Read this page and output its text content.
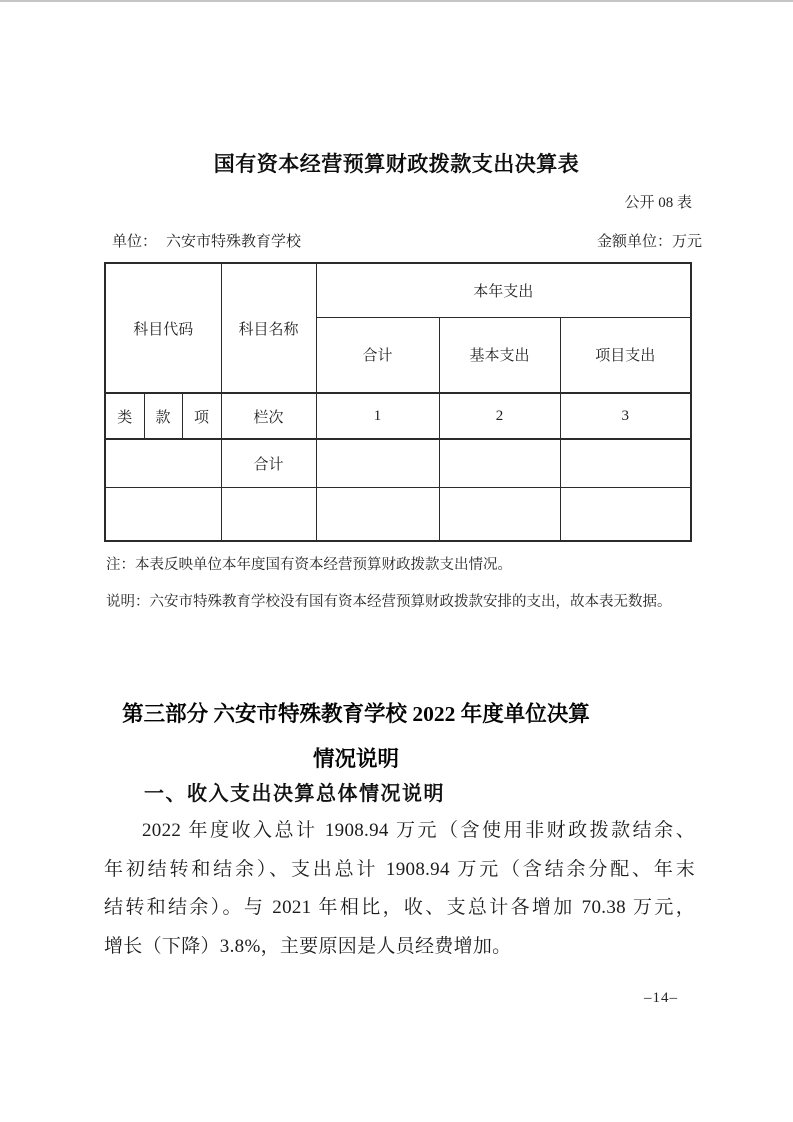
国有资本经营预算财政拨款支出决算表
公开 08 表
单位： 六安市特殊教育学校	金额单位：万元
科目代码			科目名称	本年支出		
				合计	基本支出	项目支出
类	款	项	栏次	1	2	3
			合计			

注：本表反映单位本年度国有资本经营预算财政拨款支出情况。
说明：六安市特殊教育学校没有国有资本经营预算财政拨款安排的支出，故本表无数据。
第三部分 六安市特殊教育学校 2022 年度单位决算
情况说明
一、收入支出决算总体情况说明
2022 年度收入总计 1908.94 万元（含使用非财政拨款结余、
年初结转和结余）、支出总计 1908.94 万元（含结余分配、年末
结转和结余）。与 2021 年相比，收、支总计各增加 70.38 万元，
增长（下降）3.8%，主要原因是人员经费增加。
–14–
